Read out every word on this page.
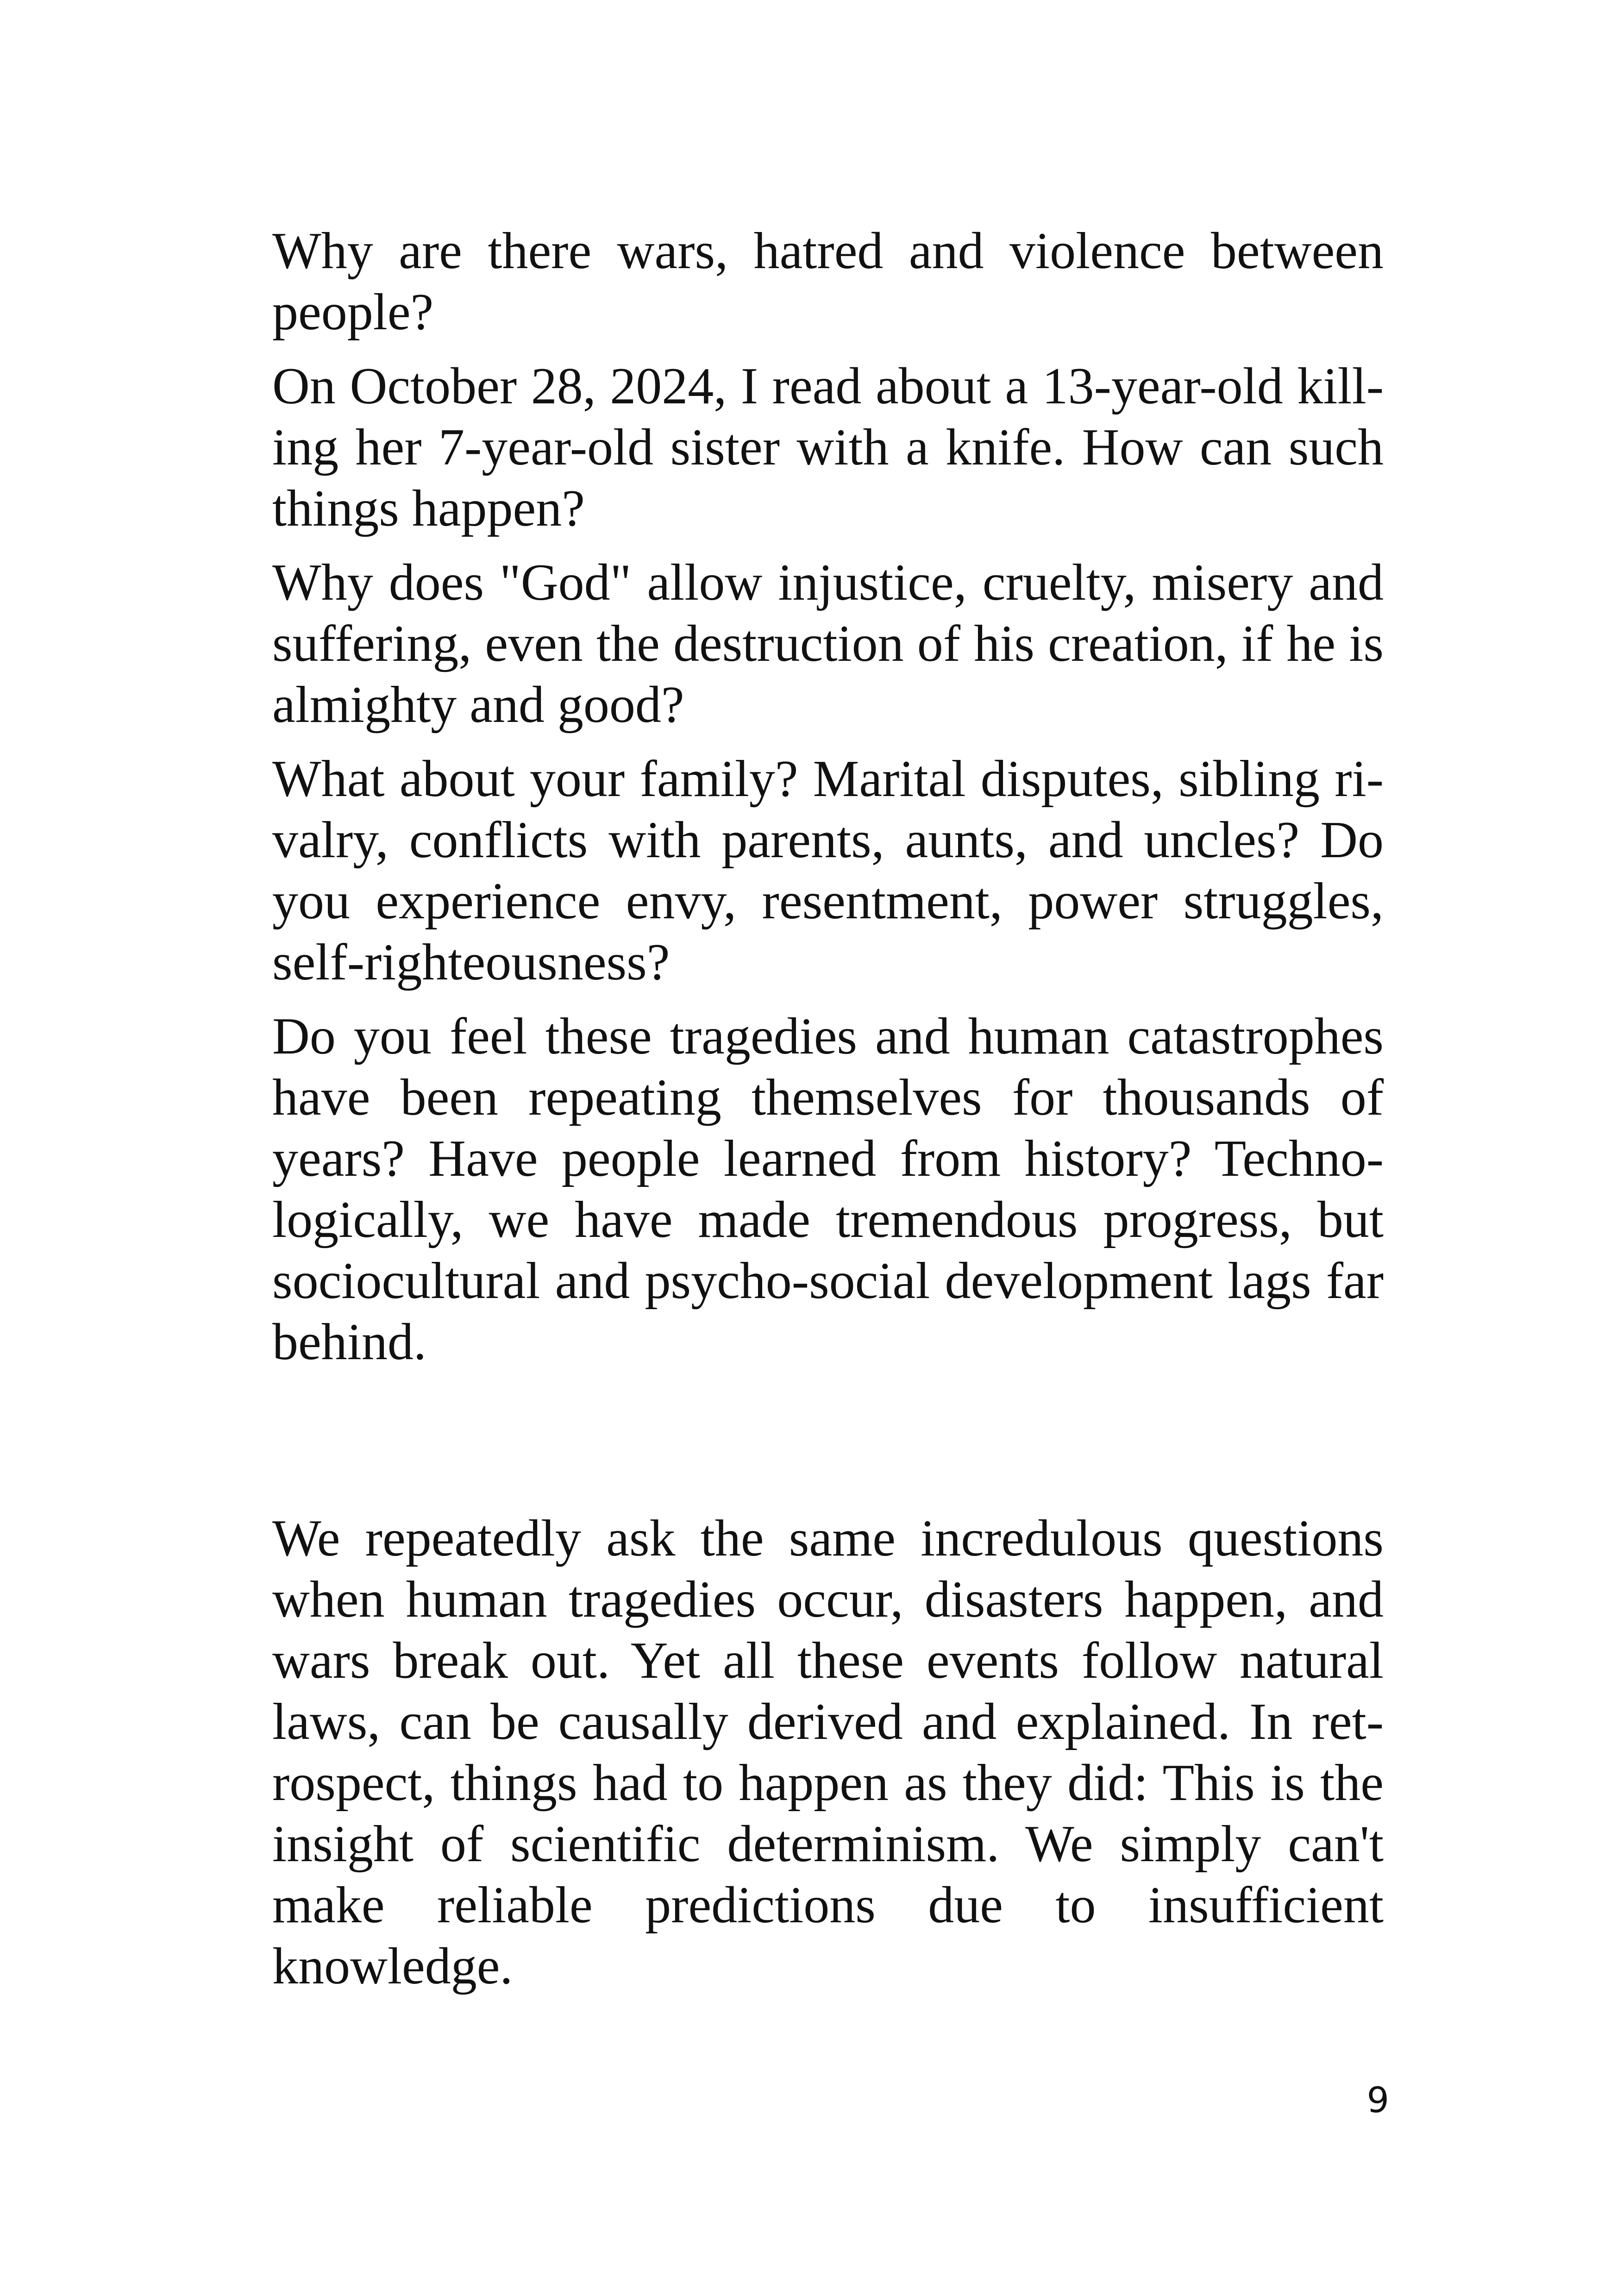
Why are there wars, hatred and violence between people?

On October 28, 2024, I read about a 13-year-old killing her 7-year-old sister with a knife. How can such things happen?

Why does "God" allow injustice, cruelty, misery and suffering, even the destruction of his creation, if he is almighty and good?

What about your family? Marital disputes, sibling rivalry, conflicts with parents, aunts, and uncles? Do you experience envy, resentment, power struggles, self-righteousness?

Do you feel these tragedies and human catastrophes have been repeating themselves for thousands of years? Have people learned from history? Technologically, we have made tremendous progress, but sociocultural and psycho-social development lags far behind.

We repeatedly ask the same incredulous questions when human tragedies occur, disasters happen, and wars break out. Yet all these events follow natural laws, can be causally derived and explained. In retrospect, things had to happen as they did: This is the insight of scientific determinism. We simply can't make reliable predictions due to insufficient knowledge.

9
